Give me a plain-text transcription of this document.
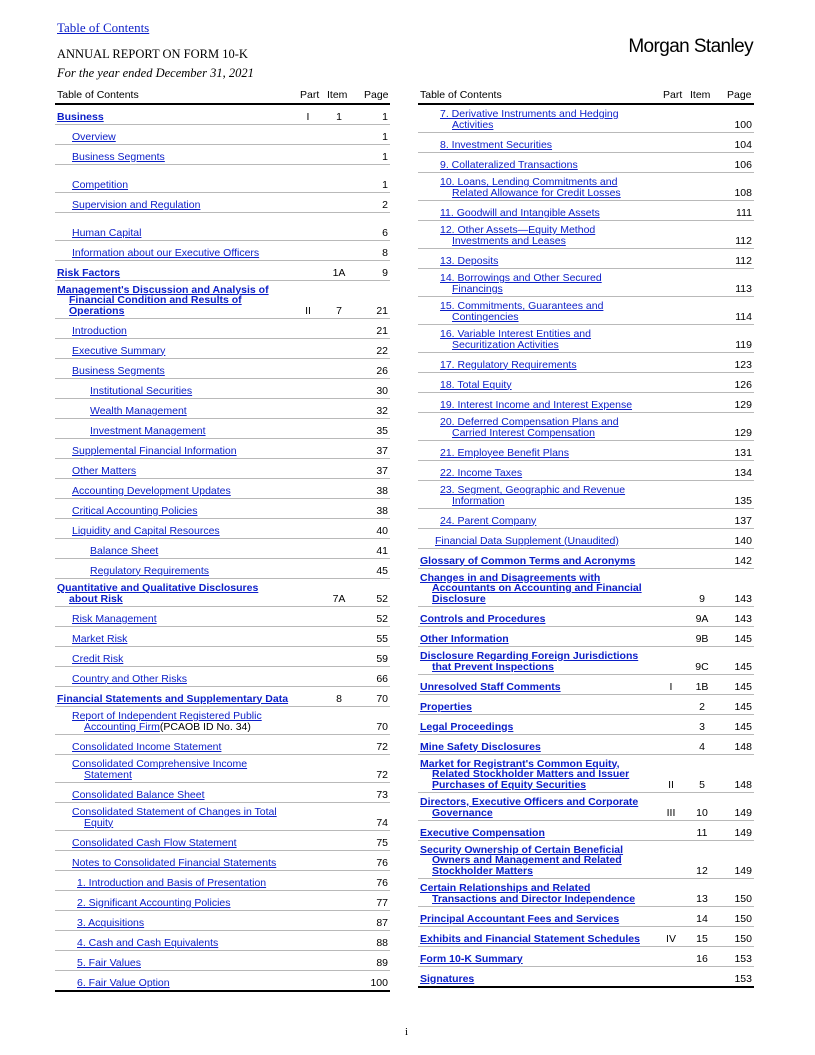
Table of Contents
ANNUAL REPORT ON FORM 10-K
For the year ended December 31, 2021
Morgan Stanley
Table of Contents	Part Item Page
Business	I	1	1
Overview	1
Business Segments	1
Competition	1
Supervision and Regulation	2
Human Capital	6
Information about our Executive Officers	8
Risk Factors	1A	9
Management's Discussion and Analysis of
Financial Condition and Results of
Operations	II	7	21
Introduction	21
Executive Summary	22
Business Segments	26
Institutional Securities	30
Wealth Management	32
Investment Management	35
Supplemental Financial Information	37
Other Matters	37
Accounting Development Updates	38
Critical Accounting Policies	38
Liquidity and Capital Resources	40
Balance Sheet	41
Regulatory Requirements	45
Quantitative and Qualitative Disclosures
about Risk	7A	52
Risk Management	52
Market Risk	55
Credit Risk	59
Country and Other Risks	66
Financial Statements and Supplementary Data	8	70
Report of Independent Registered Public
Accounting Firm(PCAOB ID No. 34)	70
Consolidated Income Statement	72
Consolidated Comprehensive Income
Statement	72
Consolidated Balance Sheet	73
Consolidated Statement of Changes in Total
Equity	74
Consolidated Cash Flow Statement	75
Notes to Consolidated Financial Statements	76
1. Introduction and Basis of Presentation	76
2. Significant Accounting Policies	77
3. Acquisitions	87
4. Cash and Cash Equivalents	88
5. Fair Values	89
6. Fair Value Option	100
Table of Contents	Part Item Page
7. Derivative Instruments and Hedging
Activities	100
8. Investment Securities	104
9. Collateralized Transactions	106
10. Loans, Lending Commitments and
Related Allowance for Credit Losses	108
11. Goodwill and Intangible Assets	111
12. Other Assets—Equity Method
Investments and Leases	112
13. Deposits	112
14. Borrowings and Other Secured
Financings	113
15. Commitments, Guarantees and
Contingencies	114
16. Variable Interest Entities and
Securitization Activities	119
17. Regulatory Requirements	123
18. Total Equity	126
19. Interest Income and Interest Expense	129
20. Deferred Compensation Plans and
Carried Interest Compensation	129
21. Employee Benefit Plans	131
22. Income Taxes	134
23. Segment, Geographic and Revenue
Information	135
24. Parent Company	137
Financial Data Supplement (Unaudited)	140
Glossary of Common Terms and Acronyms	142
Changes in and Disagreements with
Accountants on Accounting and Financial
Disclosure	9	143
Controls and Procedures	9A	143
Other Information	9B	145
Disclosure Regarding Foreign Jurisdictions
that Prevent Inspections	9C	145
Unresolved Staff Comments	I	1B	145
Properties	2	145
Legal Proceedings	3	145
Mine Safety Disclosures	4	148
Market for Registrant's Common Equity,
Related Stockholder Matters and Issuer
Purchases of Equity Securities	II	5	148
Directors, Executive Officers and Corporate
Governance	III	10	149
Executive Compensation	11	149
Security Ownership of Certain Beneficial
Owners and Management and Related
Stockholder Matters	12	149
Certain Relationships and Related
Transactions and Director Independence	13	150
Principal Accountant Fees and Services	14	150
Exhibits and Financial Statement Schedules IV	15	150
Form 10-K Summary	16	153
Signatures	153
i
